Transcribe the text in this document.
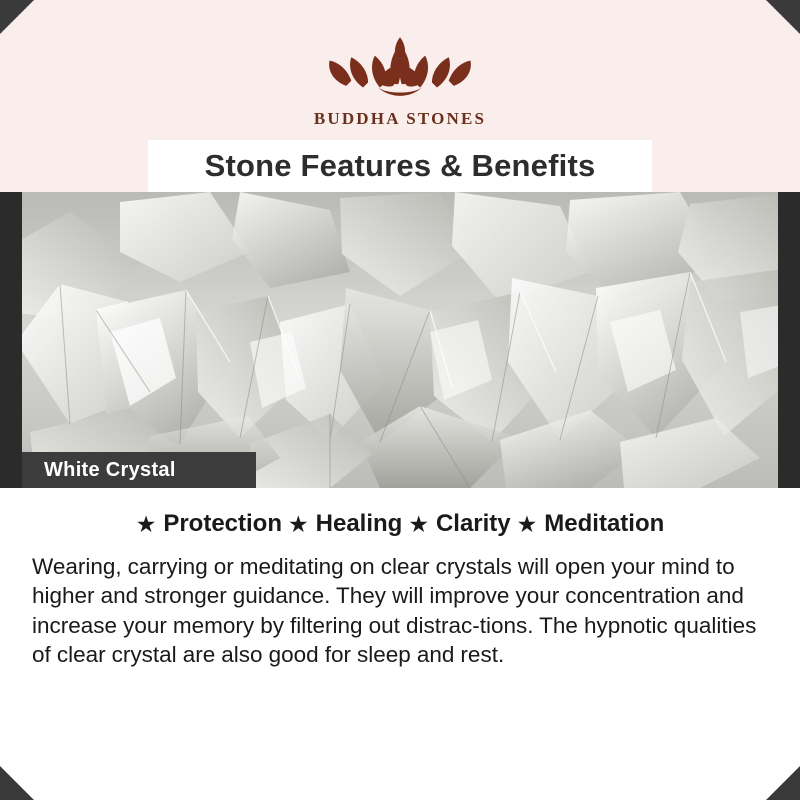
BUDDHA STONES
Stone Features & Benefits
White Crystal
★ Protection ★ Healing ★ Clarity ★ Meditation

Wearing, carrying or meditating on clear crystals will open your mind to higher and stronger guidance. They will improve your concentration and increase your memory by filtering out distrac-tions. The hypnotic qualities of clear crystal are also good for sleep and rest.
